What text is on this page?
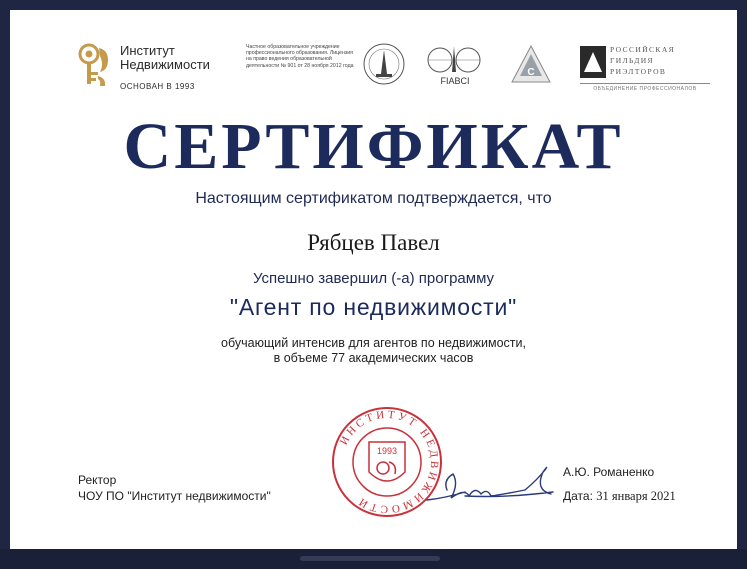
Институт
Недвижимости
ОСНОВАН В 1993
Частное образовательное учреждение профессионального образования. Лицензия на право ведения образовательной деятельности № 901 от 28 ноября 2012 года
FIABCI
С
РОССИЙСКАЯ
ГИЛЬДИЯ
РИЭЛТОРОВ
ОБЪЕДИНЕНИЕ ПРОФЕССИОНАЛОВ
СЕРТИФИКАТ
Настоящим сертификатом подтверждается, что
Рябцев Павел
Успешно завершил (-а) программу
"Агент по недвижимости"
обучающий интенсив для агентов по недвижимости,
в объеме 77 академических часов
ИНСТИТУТ НЕДВИЖИМОСТИ
1993
Ректор
ЧОУ ПО "Институт недвижимости"
А.Ю. Романенко
Дата: 31 января 2021
